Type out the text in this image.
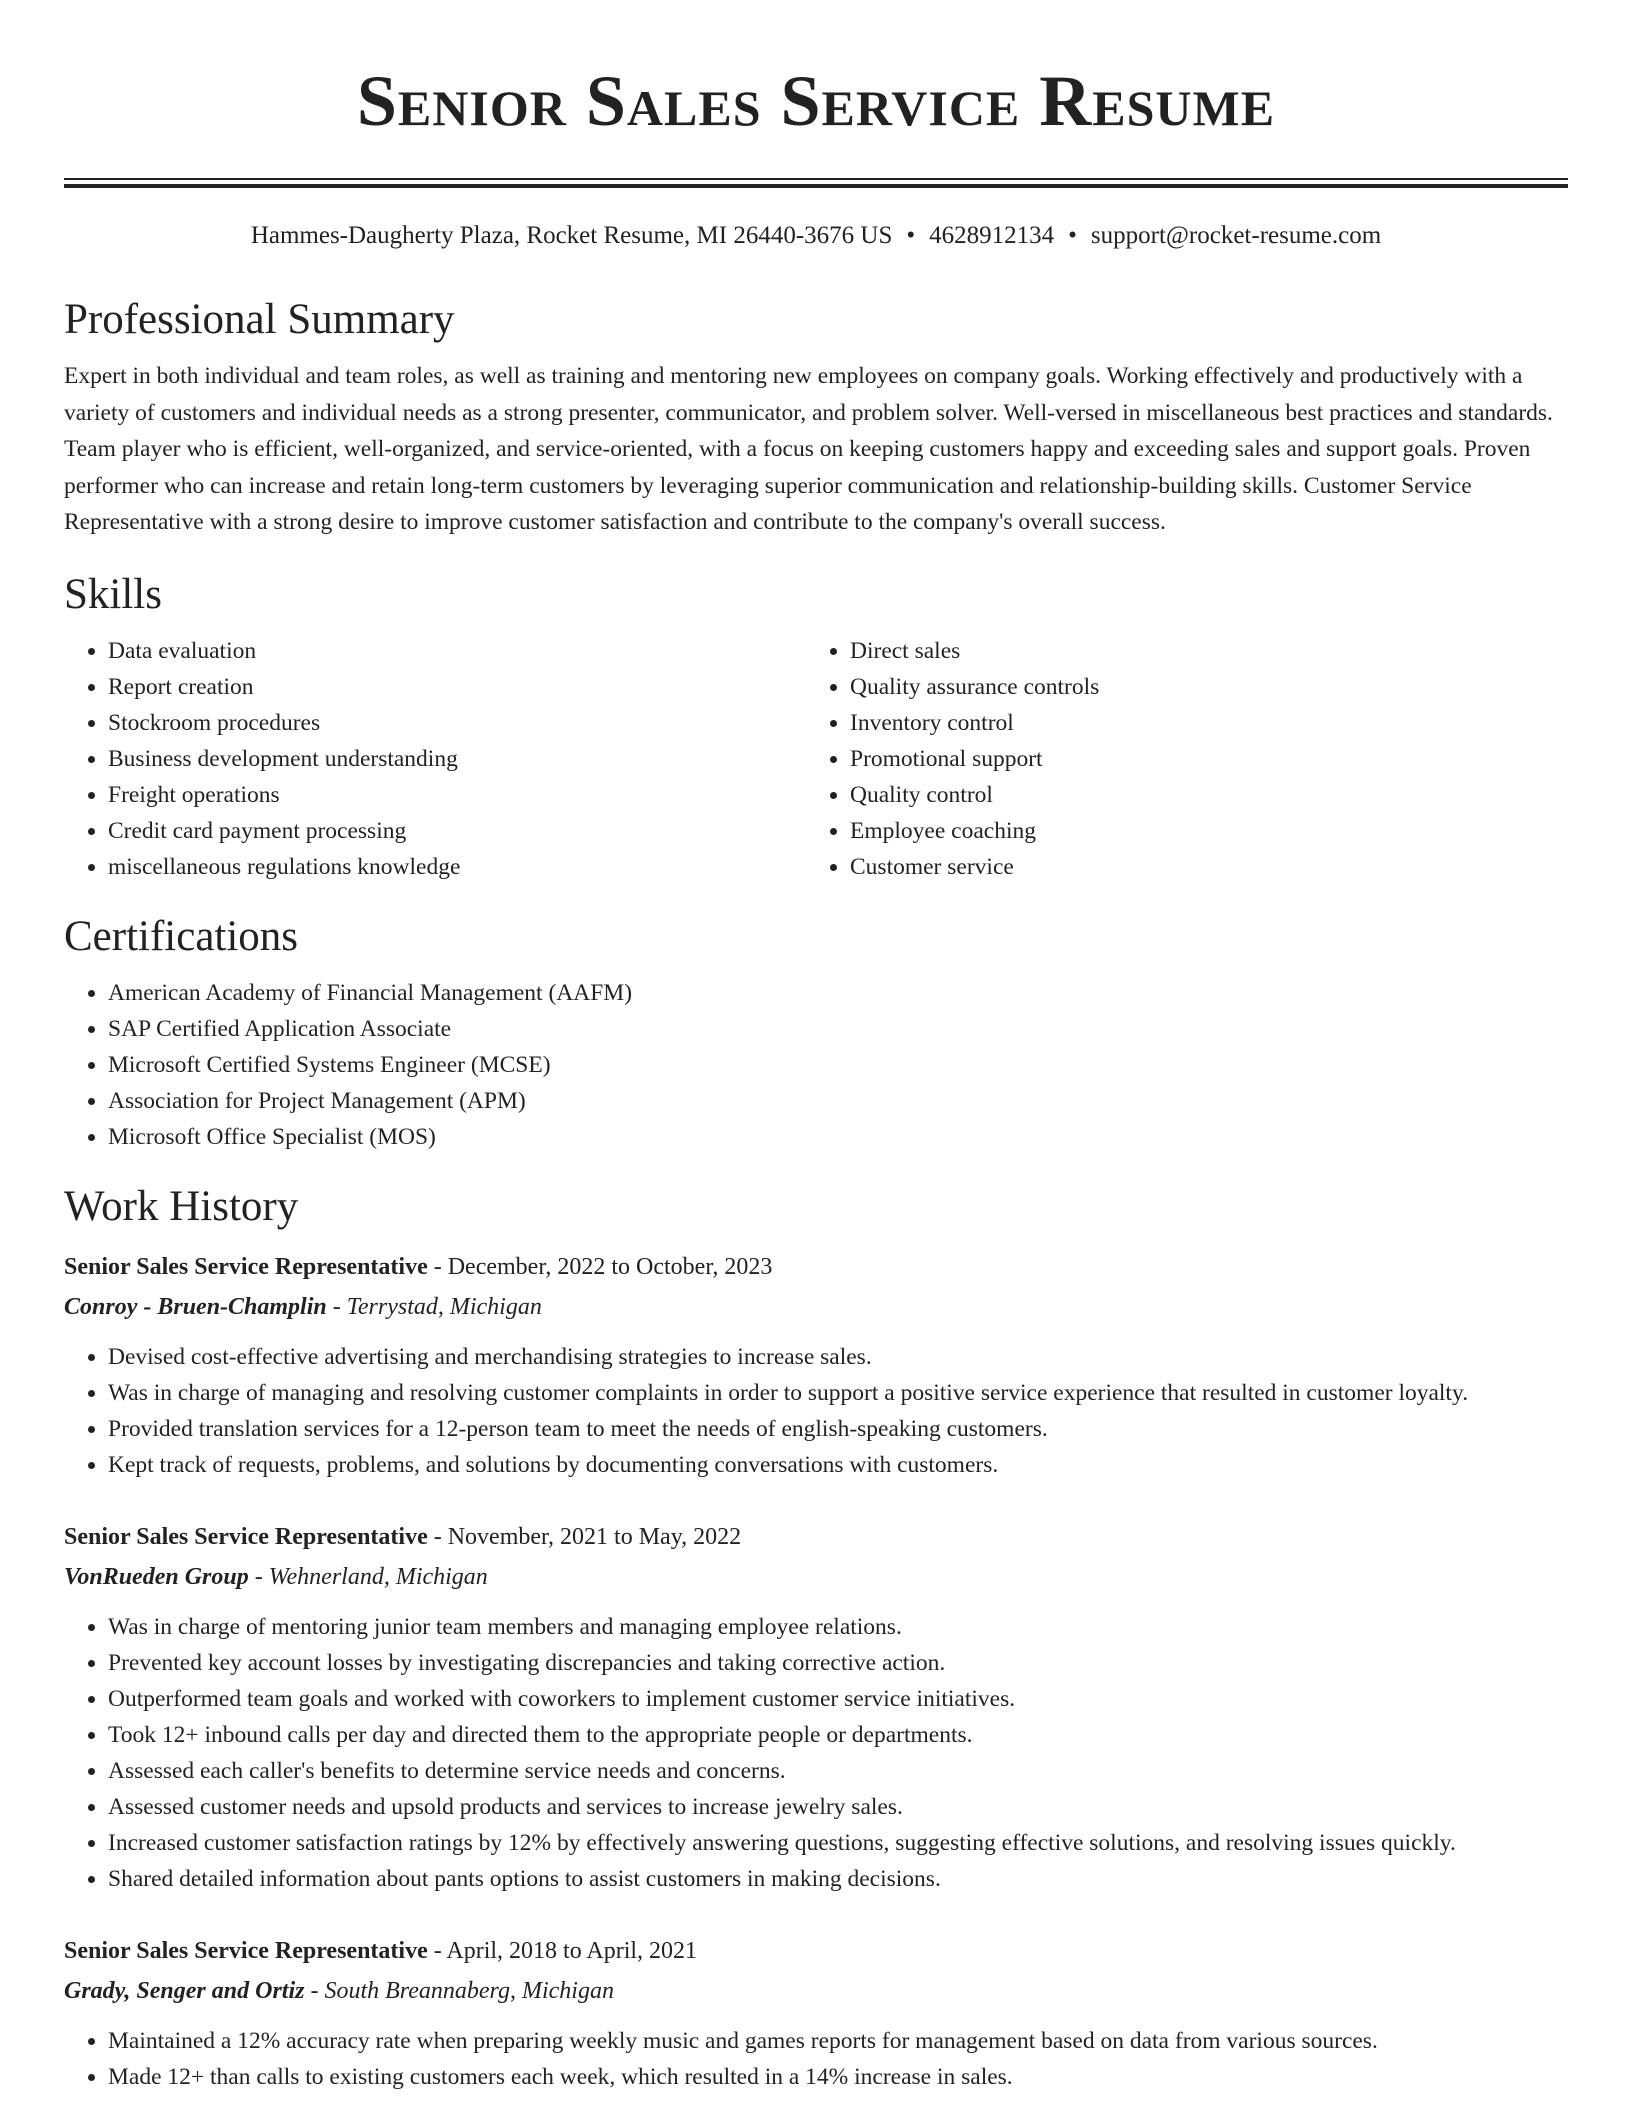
Senior Sales Service Resume
Hammes-Daugherty Plaza, Rocket Resume, MI 26440-3676 US • 4628912134 • support@rocket-resume.com
Professional Summary

Expert in both individual and team roles, as well as training and mentoring new employees on company goals. Working effectively and productively with a variety of customers and individual needs as a strong presenter, communicator, and problem solver. Well-versed in miscellaneous best practices and standards. Team player who is efficient, well-organized, and service-oriented, with a focus on keeping customers happy and exceeding sales and support goals. Proven performer who can increase and retain long-term customers by leveraging superior communication and relationship-building skills. Customer Service Representative with a strong desire to improve customer satisfaction and contribute to the company's overall success.

Skills
• Data evaluation
• Report creation
• Stockroom procedures
• Business development understanding
• Freight operations
• Credit card payment processing
• miscellaneous regulations knowledge
• Direct sales
• Quality assurance controls
• Inventory control
• Promotional support
• Quality control
• Employee coaching
• Customer service
Certifications
• American Academy of Financial Management (AAFM)
• SAP Certified Application Associate
• Microsoft Certified Systems Engineer (MCSE)
• Association for Project Management (APM)
• Microsoft Office Specialist (MOS)
Work History
Senior Sales Service Representative - December, 2022 to October, 2023
Conroy - Bruen-Champlin - Terrystad, Michigan
• Devised cost-effective advertising and merchandising strategies to increase sales.
• Was in charge of managing and resolving customer complaints in order to support a positive service experience that resulted in customer loyalty.
• Provided translation services for a 12-person team to meet the needs of english-speaking customers.
• Kept track of requests, problems, and solutions by documenting conversations with customers.
Senior Sales Service Representative - November, 2021 to May, 2022
VonRueden Group - Wehnerland, Michigan
• Was in charge of mentoring junior team members and managing employee relations.
• Prevented key account losses by investigating discrepancies and taking corrective action.
• Outperformed team goals and worked with coworkers to implement customer service initiatives.
• Took 12+ inbound calls per day and directed them to the appropriate people or departments.
• Assessed each caller's benefits to determine service needs and concerns.
• Assessed customer needs and upsold products and services to increase jewelry sales.
• Increased customer satisfaction ratings by 12% by effectively answering questions, suggesting effective solutions, and resolving issues quickly.
• Shared detailed information about pants options to assist customers in making decisions.
Senior Sales Service Representative - April, 2018 to April, 2021
Grady, Senger and Ortiz - South Breannaberg, Michigan
• Maintained a 12% accuracy rate when preparing weekly music and games reports for management based on data from various sources.
• Made 12+ than calls to existing customers each week, which resulted in a 14% increase in sales.
